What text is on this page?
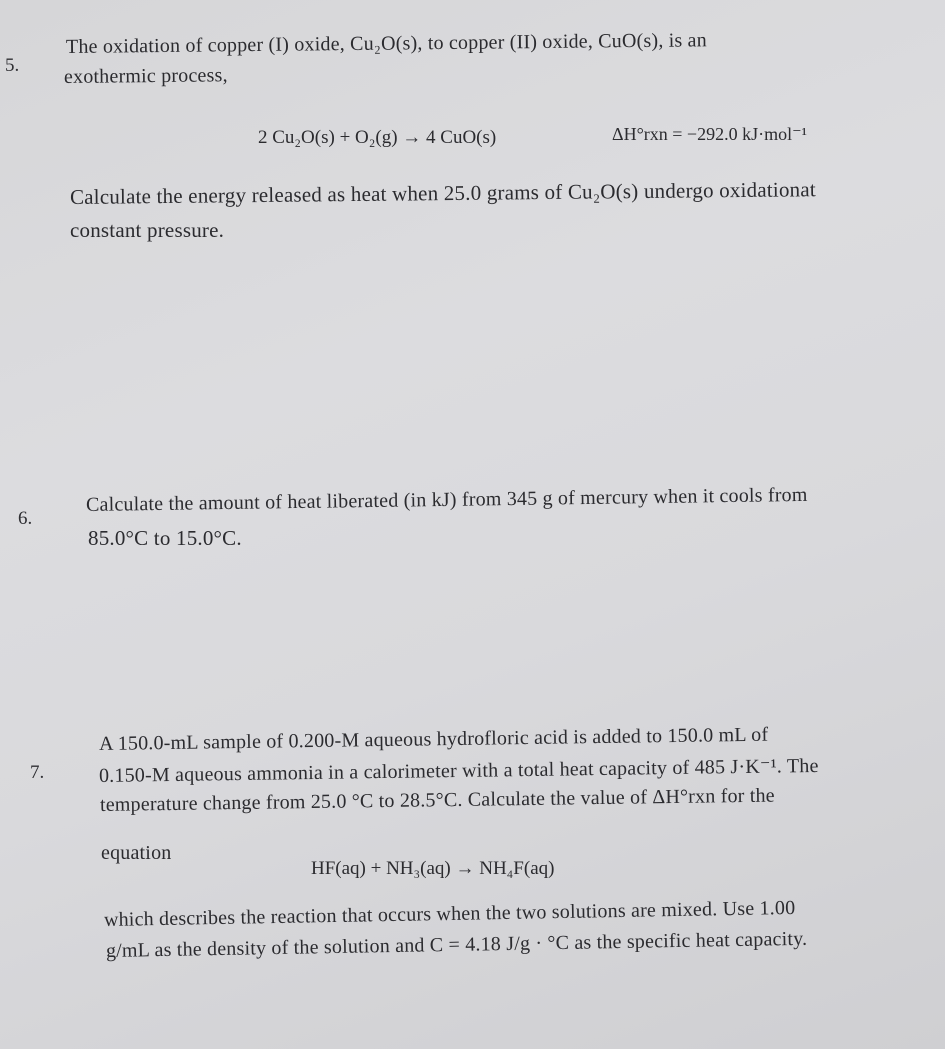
5.
The oxidation of copper (I) oxide, Cu₂O(s), to copper (II) oxide, CuO(s), is an
exothermic process,
2 Cu₂O(s) + O₂(g) → 4 CuO(s)	ΔH°rxn = −292.0 kJ·mol⁻¹
Calculate the energy released as heat when 25.0 grams of Cu₂O(s) undergo oxidationat
constant pressure.
6.
Calculate the amount of heat liberated (in kJ) from 345 g of mercury when it cools from
85.0°C to 15.0°C.
7.
A 150.0-mL sample of 0.200-M aqueous hydrofloric acid is added to 150.0 mL of
0.150-M aqueous ammonia in a calorimeter with a total heat capacity of 485 J·K⁻¹. The
temperature change from 25.0 °C to 28.5°C. Calculate the value of ΔH°rxn for the
equation
HF(aq) + NH₃(aq) → NH₄F(aq)
which describes the reaction that occurs when the two solutions are mixed. Use 1.00
g/mL as the density of the solution and C = 4.18 J/g · °C as the specific heat capacity.
